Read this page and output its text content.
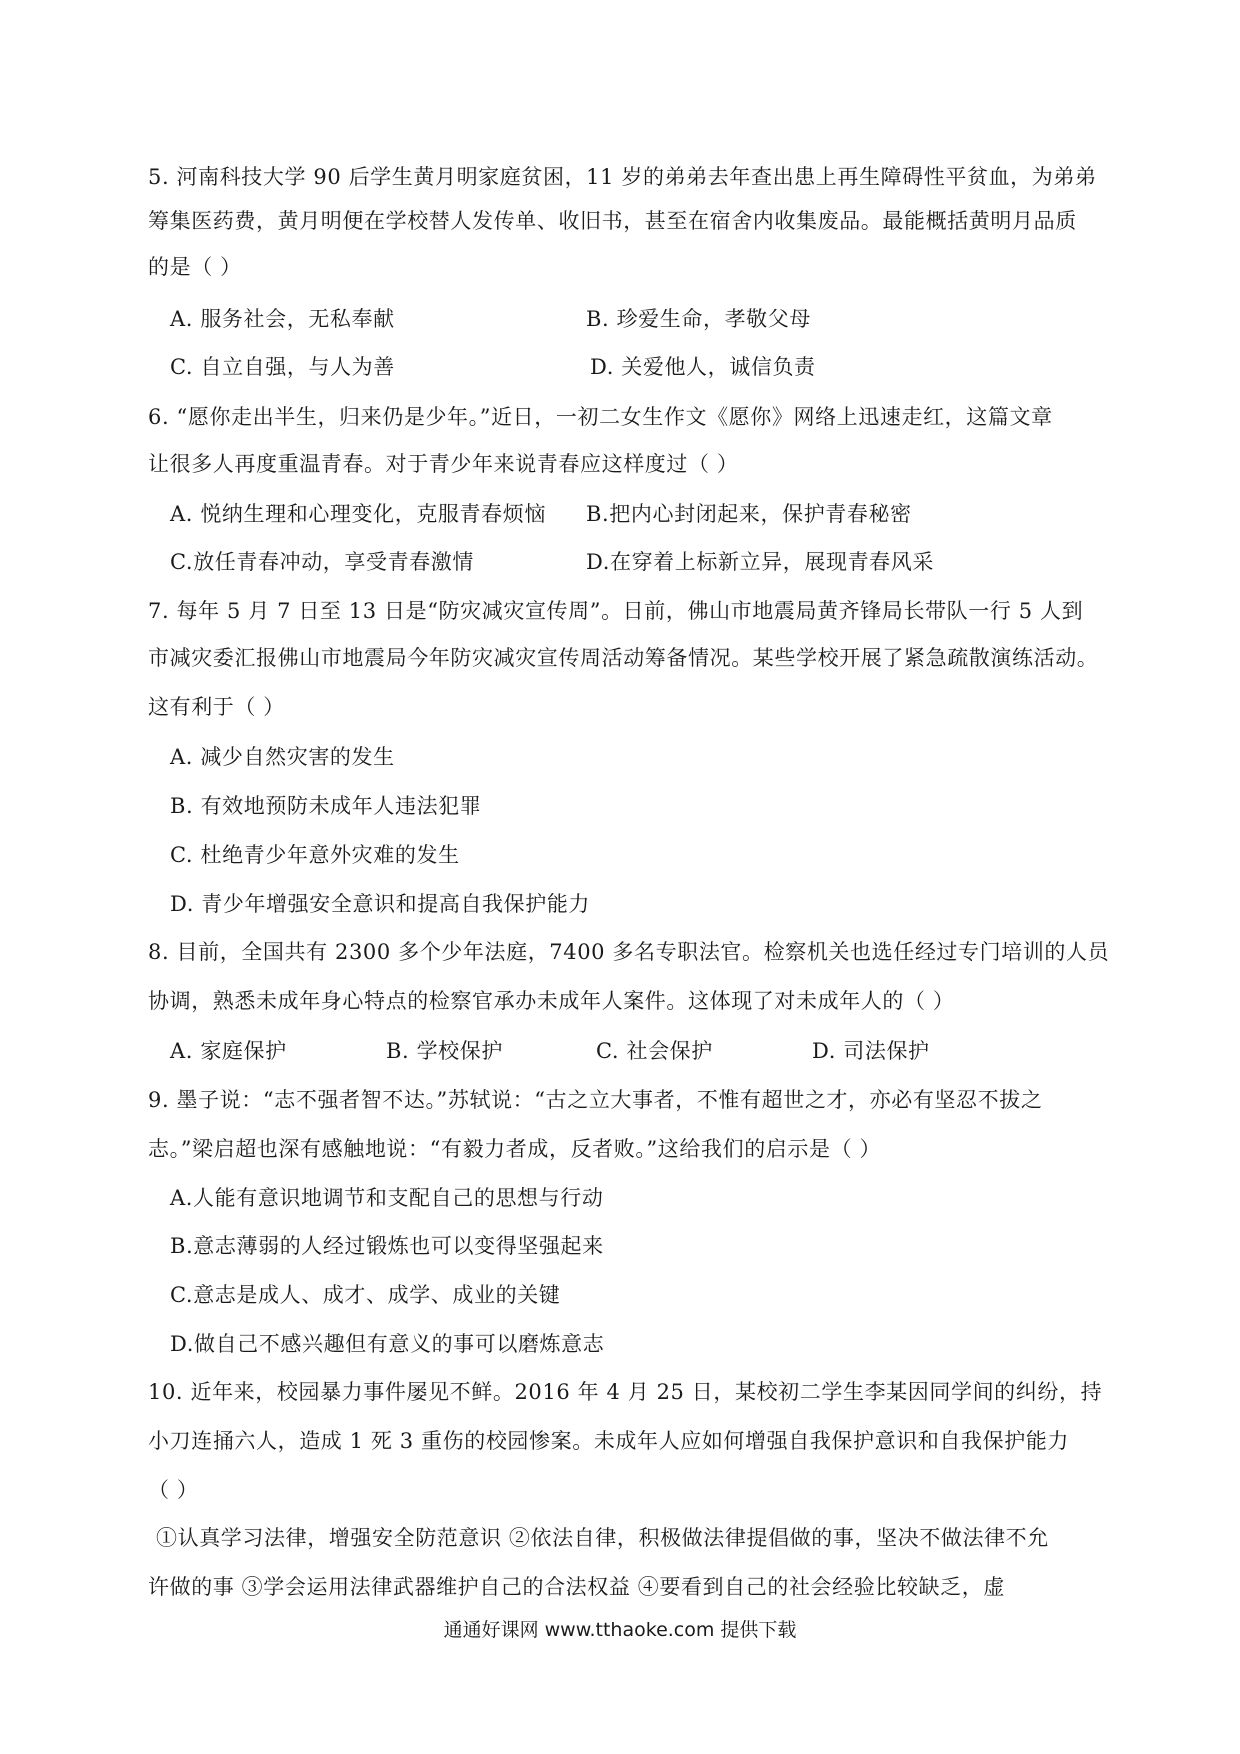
5. 河南科技大学 90 后学生黄月明家庭贫困，11 岁的弟弟去年查出患上再生障碍性平贫血，为弟弟
筹集医药费，黄月明便在学校替人发传单、收旧书，甚至在宿舍内收集废品。最能概括黄明月品质
的是（ ）
A. 服务社会，无私奉献	B. 珍爱生命，孝敬父母
C. 自立自强，与人为善	D. 关爱他人，诚信负责
6. “愿你走出半生，归来仍是少年。”近日，一初二女生作文《愿你》网络上迅速走红，这篇文章
让很多人再度重温青春。对于青少年来说青春应这样度过（ ）
A. 悦纳生理和心理变化，克服青春烦恼 B.把内心封闭起来，保护青春秘密
C.放任青春冲动，享受青春激情	D.在穿着上标新立异，展现青春风采
7. 每年 5 月 7 日至 13 日是“防灾减灾宣传周”。日前，佛山市地震局黄齐锋局长带队一行 5 人到
市减灾委汇报佛山市地震局今年防灾减灾宣传周活动筹备情况。某些学校开展了紧急疏散演练活动。
这有利于（ ）
A. 减少自然灾害的发生
B. 有效地预防未成年人违法犯罪
C. 杜绝青少年意外灾难的发生
D. 青少年增强安全意识和提高自我保护能力
8. 目前，全国共有 2300 多个少年法庭，7400 多名专职法官。检察机关也选任经过专门培训的人员
协调，熟悉未成年身心特点的检察官承办未成年人案件。这体现了对未成年人的（ ）
A. 家庭保护	B. 学校保护	C. 社会保护	D. 司法保护
9. 墨子说：“志不强者智不达。”苏轼说：“古之立大事者，不惟有超世之才，亦必有坚忍不拔之
志。”梁启超也深有感触地说：“有毅力者成，反者败。”这给我们的启示是（ ）
A.人能有意识地调节和支配自己的思想与行动
B.意志薄弱的人经过锻炼也可以变得坚强起来
C.意志是成人、成才、成学、成业的关键
D.做自己不感兴趣但有意义的事可以磨炼意志
10. 近年来，校园暴力事件屡见不鲜。2016 年 4 月 25 日，某校初二学生李某因同学间的纠纷，持
小刀连捅六人，造成 1 死 3 重伤的校园惨案。未成年人应如何增强自我保护意识和自我保护能力
（ ）
①认真学习法律，增强安全防范意识 ②依法自律，积极做法律提倡做的事，坚决不做法律不允
许做的事 ③学会运用法律武器维护自己的合法权益 ④要看到自己的社会经验比较缺乏，虚
通通好课网 www.tthaoke.com 提供下载
